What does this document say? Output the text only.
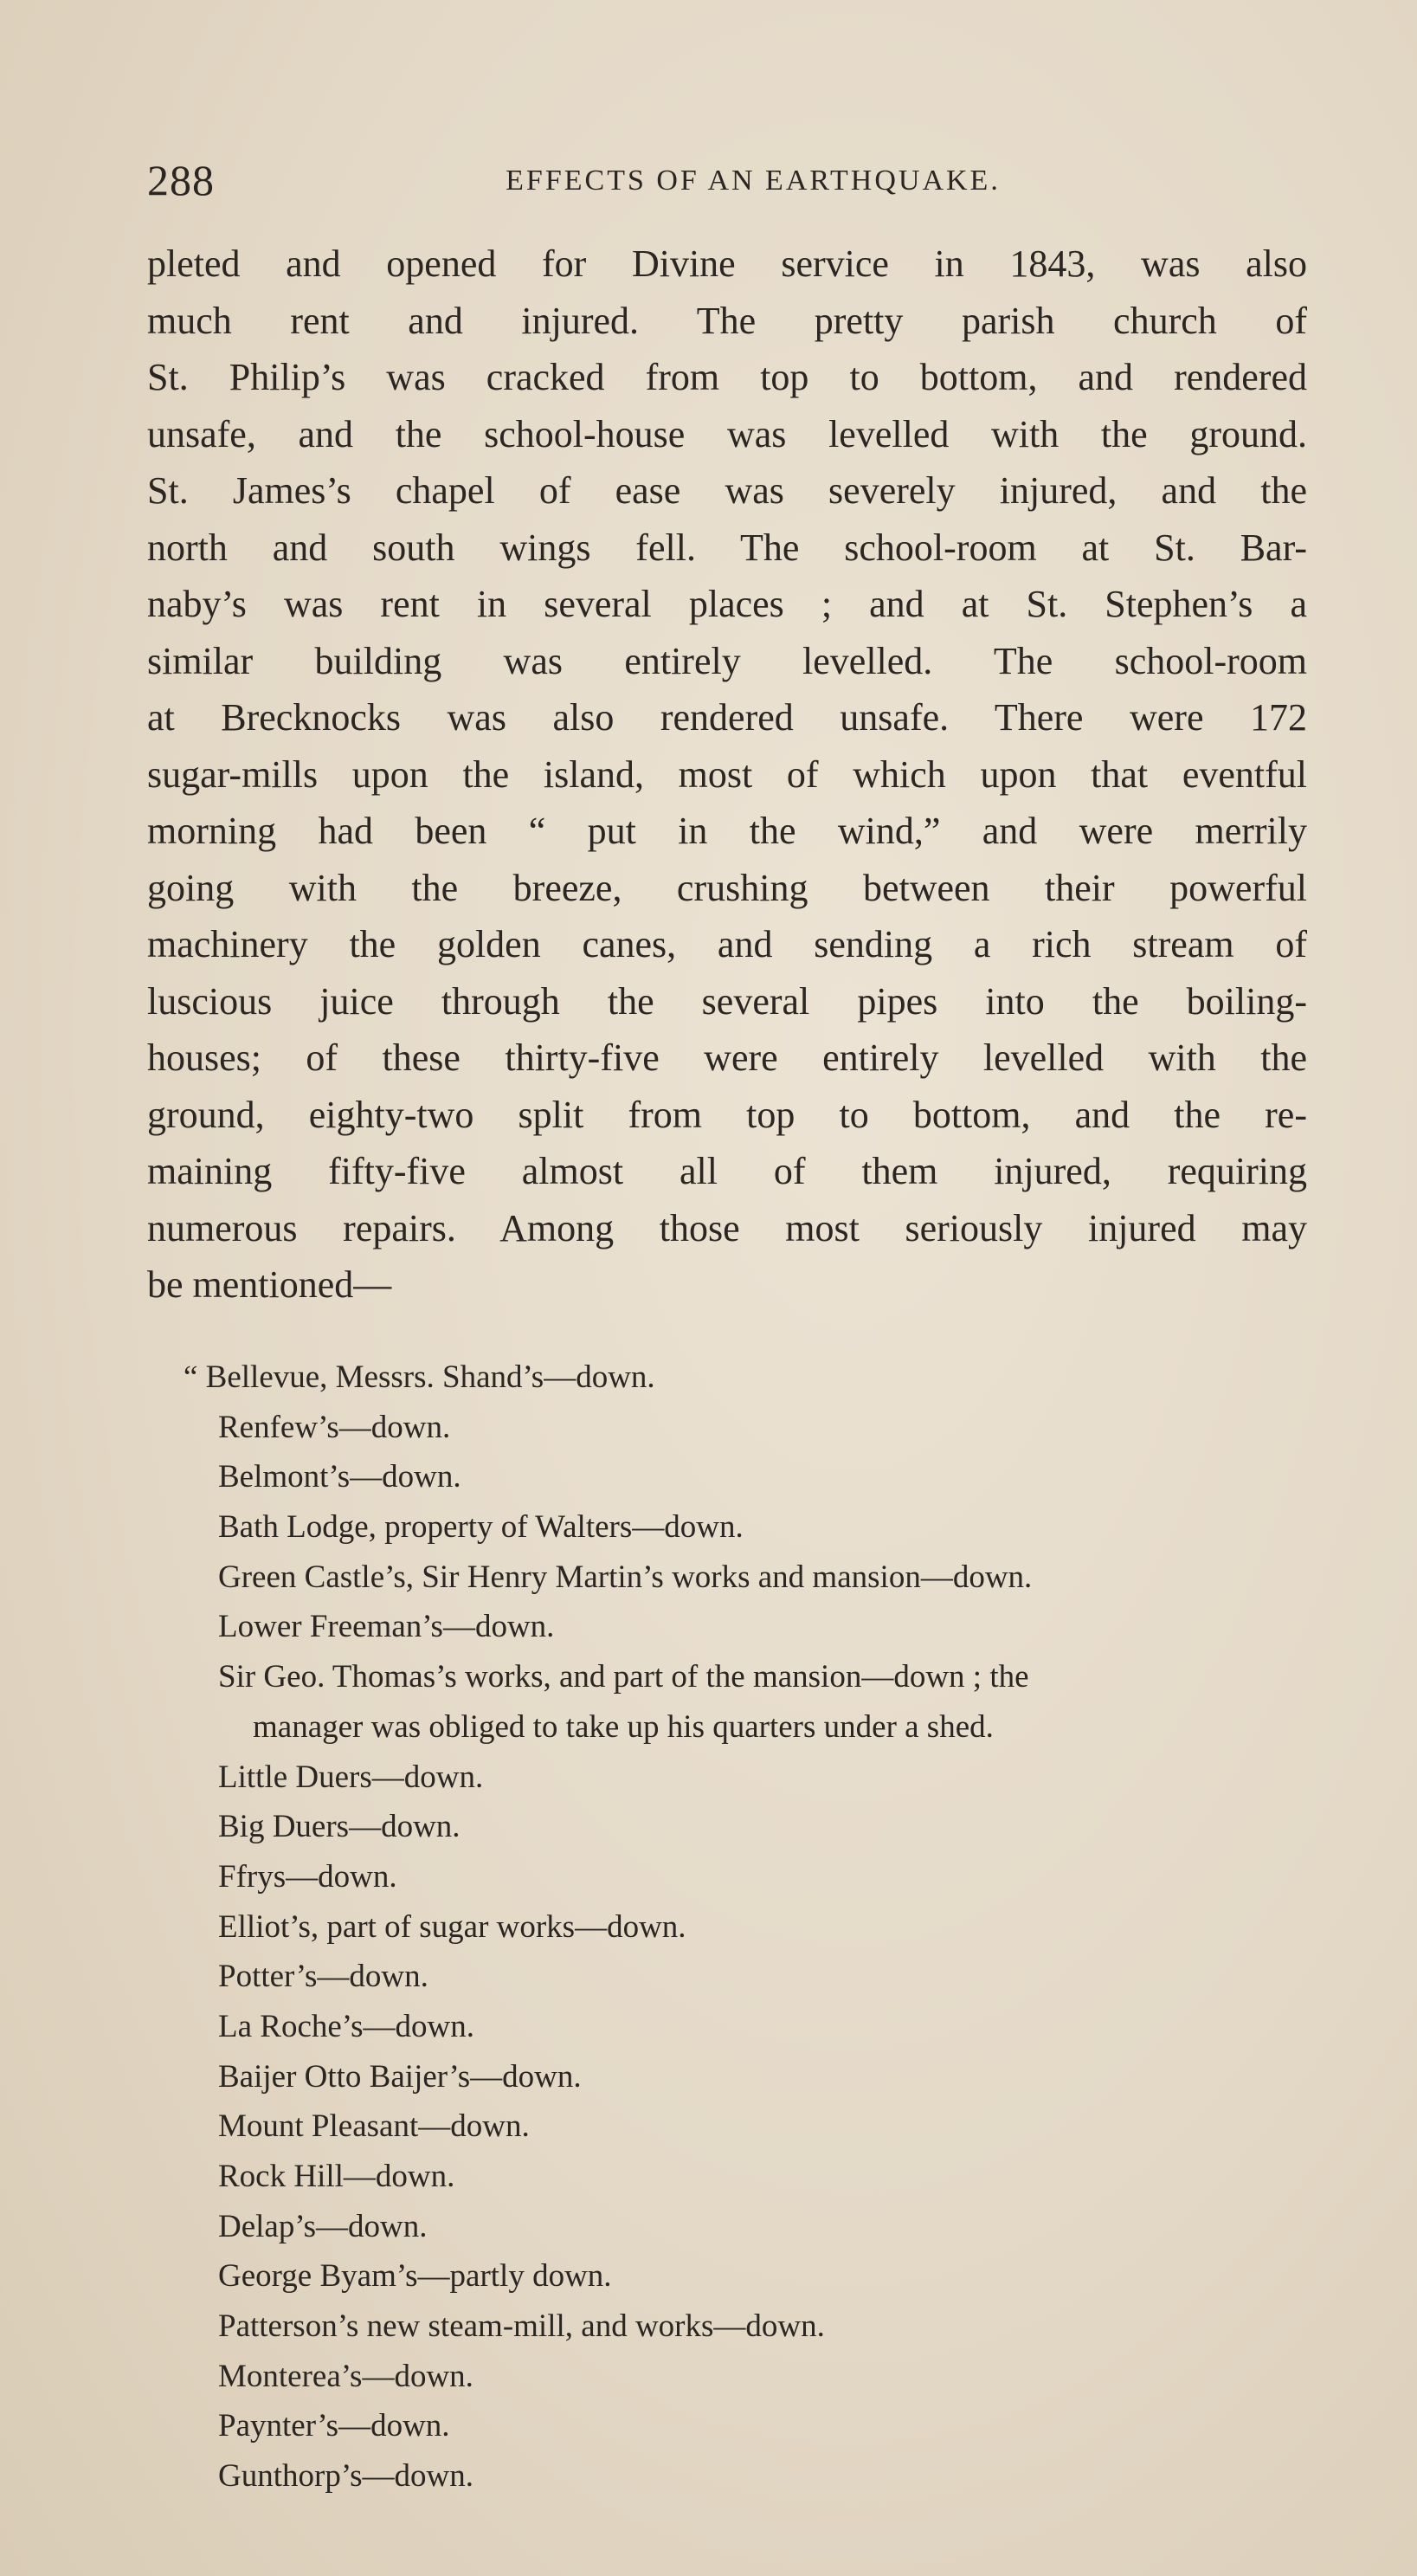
288	EFFECTS OF AN EARTHQUAKE.
pleted and opened for Divine service in 1843, was also
much rent and injured. The pretty parish church of
St. Philip’s was cracked from top to bottom, and rendered
unsafe, and the school-house was levelled with the ground.
St. James’s chapel of ease was severely injured, and the
north and south wings fell. The school-room at St. Bar-
naby’s was rent in several places ; and at St. Stephen’s a
similar building was entirely levelled. The school-room
at Brecknocks was also rendered unsafe. There were 172
sugar-mills upon the island, most of which upon that eventful
morning had been “ put in the wind,” and were merrily
going with the breeze, crushing between their powerful
machinery the golden canes, and sending a rich stream of
luscious juice through the several pipes into the boiling-
houses; of these thirty-five were entirely levelled with the
ground, eighty-two split from top to bottom, and the re-
maining fifty-five almost all of them injured, requiring
numerous repairs. Among those most seriously injured may
be mentioned—
“ Bellevue, Messrs. Shand’s—down.
Renfew’s—down.
Belmont’s—down.
Bath Lodge, property of Walters—down.
Green Castle’s, Sir Henry Martin’s works and mansion—down.
Lower Freeman’s—down.
Sir Geo. Thomas’s works, and part of the mansion—down ; the
manager was obliged to take up his quarters under a shed.
Little Duers—down.
Big Duers—down.
Ffrys—down.
Elliot’s, part of sugar works—down.
Potter’s—down.
La Roche’s—down.
Baijer Otto Baijer’s—down.
Mount Pleasant—down.
Rock Hill—down.
Delap’s—down.
George Byam’s—partly down.
Patterson’s new steam-mill, and works—down.
Monterea’s—down.
Paynter’s—down.
Gunthorp’s—down.
